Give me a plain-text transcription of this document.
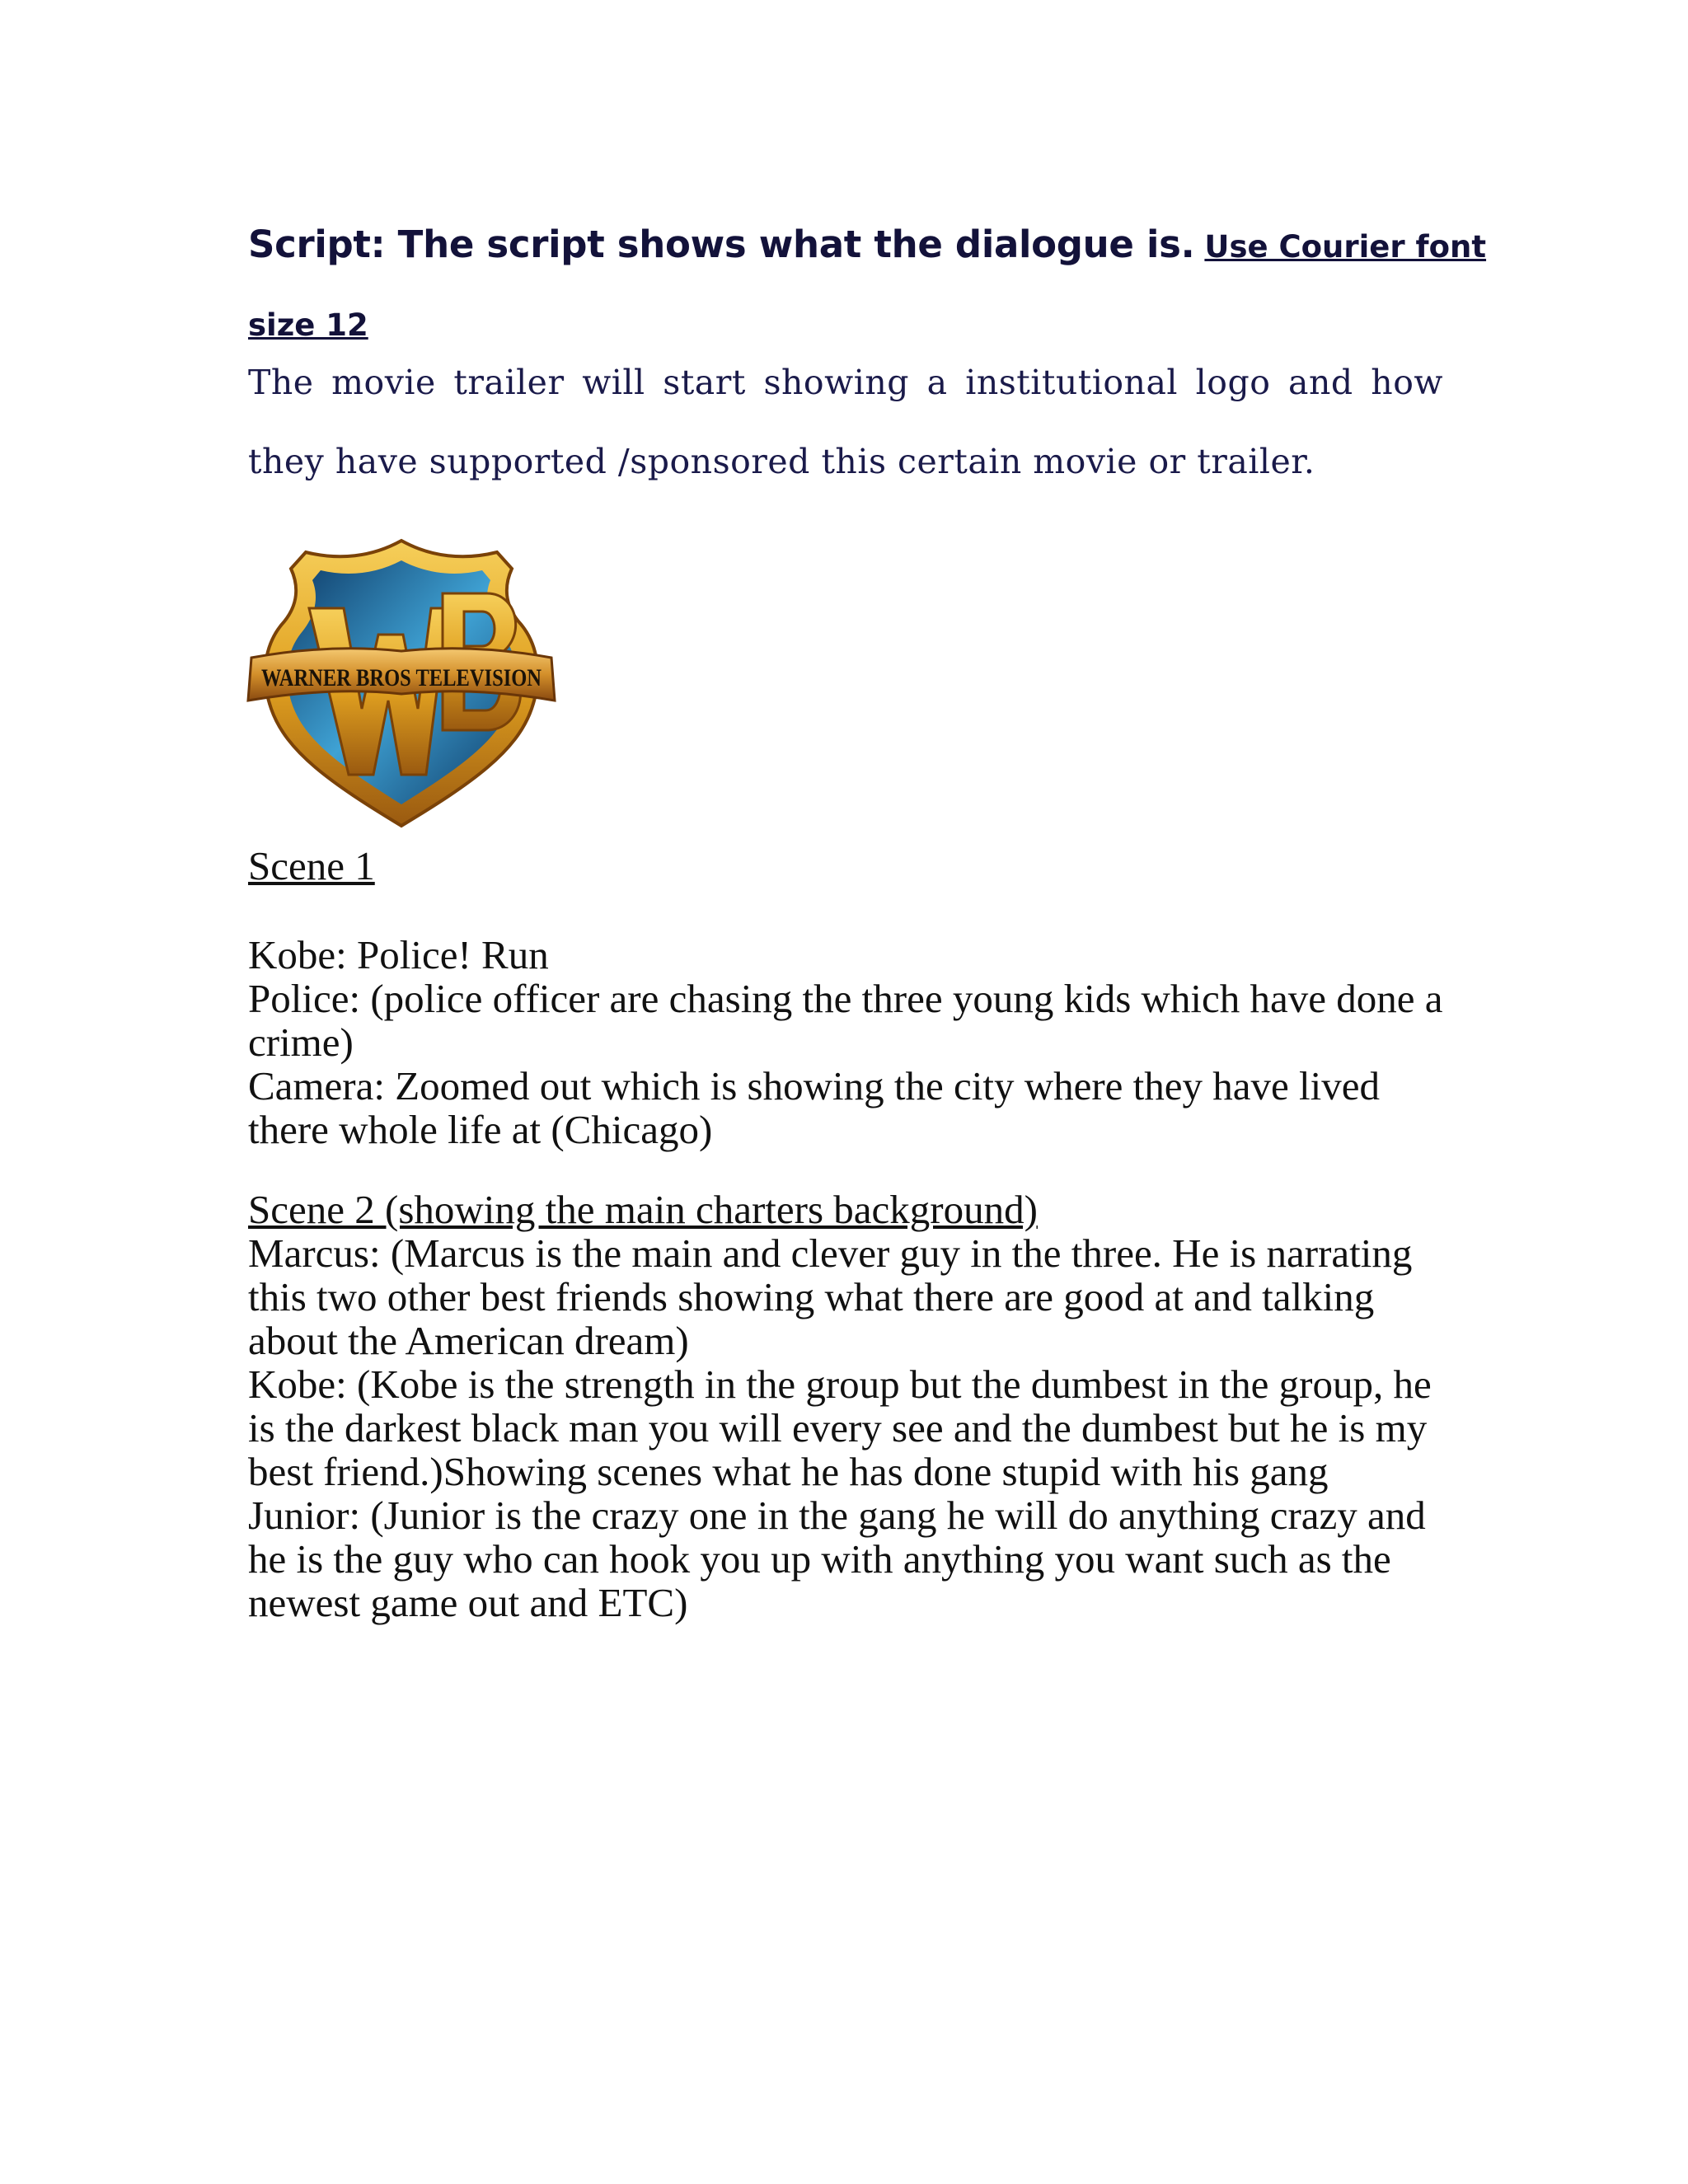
Script: The script shows what the dialogue is. Use Courier font
size 12

The movie trailer will start showing a institutional logo and how they have supported /sponsored this certain movie or trailer.

WARNER BROS TELEVISION
Scene 1
Kobe: Police! Run
Police: (police officer are chasing the three young kids which have done a crime)
Camera: Zoomed out which is showing the city where they have lived there whole life at (Chicago)
Scene 2 (showing the main charters background)
Marcus: (Marcus is the main and clever guy in the three. He is narrating this two other best friends showing what there are good at and talking about the American dream)
Kobe: (Kobe is the strength in the group but the dumbest in the group, he is the darkest black man you will every see and the dumbest but he is my best friend.)Showing scenes what he has done stupid with his gang
Junior: (Junior is the crazy one in the gang he will do anything crazy and he is the guy who can hook you up with anything you want such as the newest game out and ETC)
